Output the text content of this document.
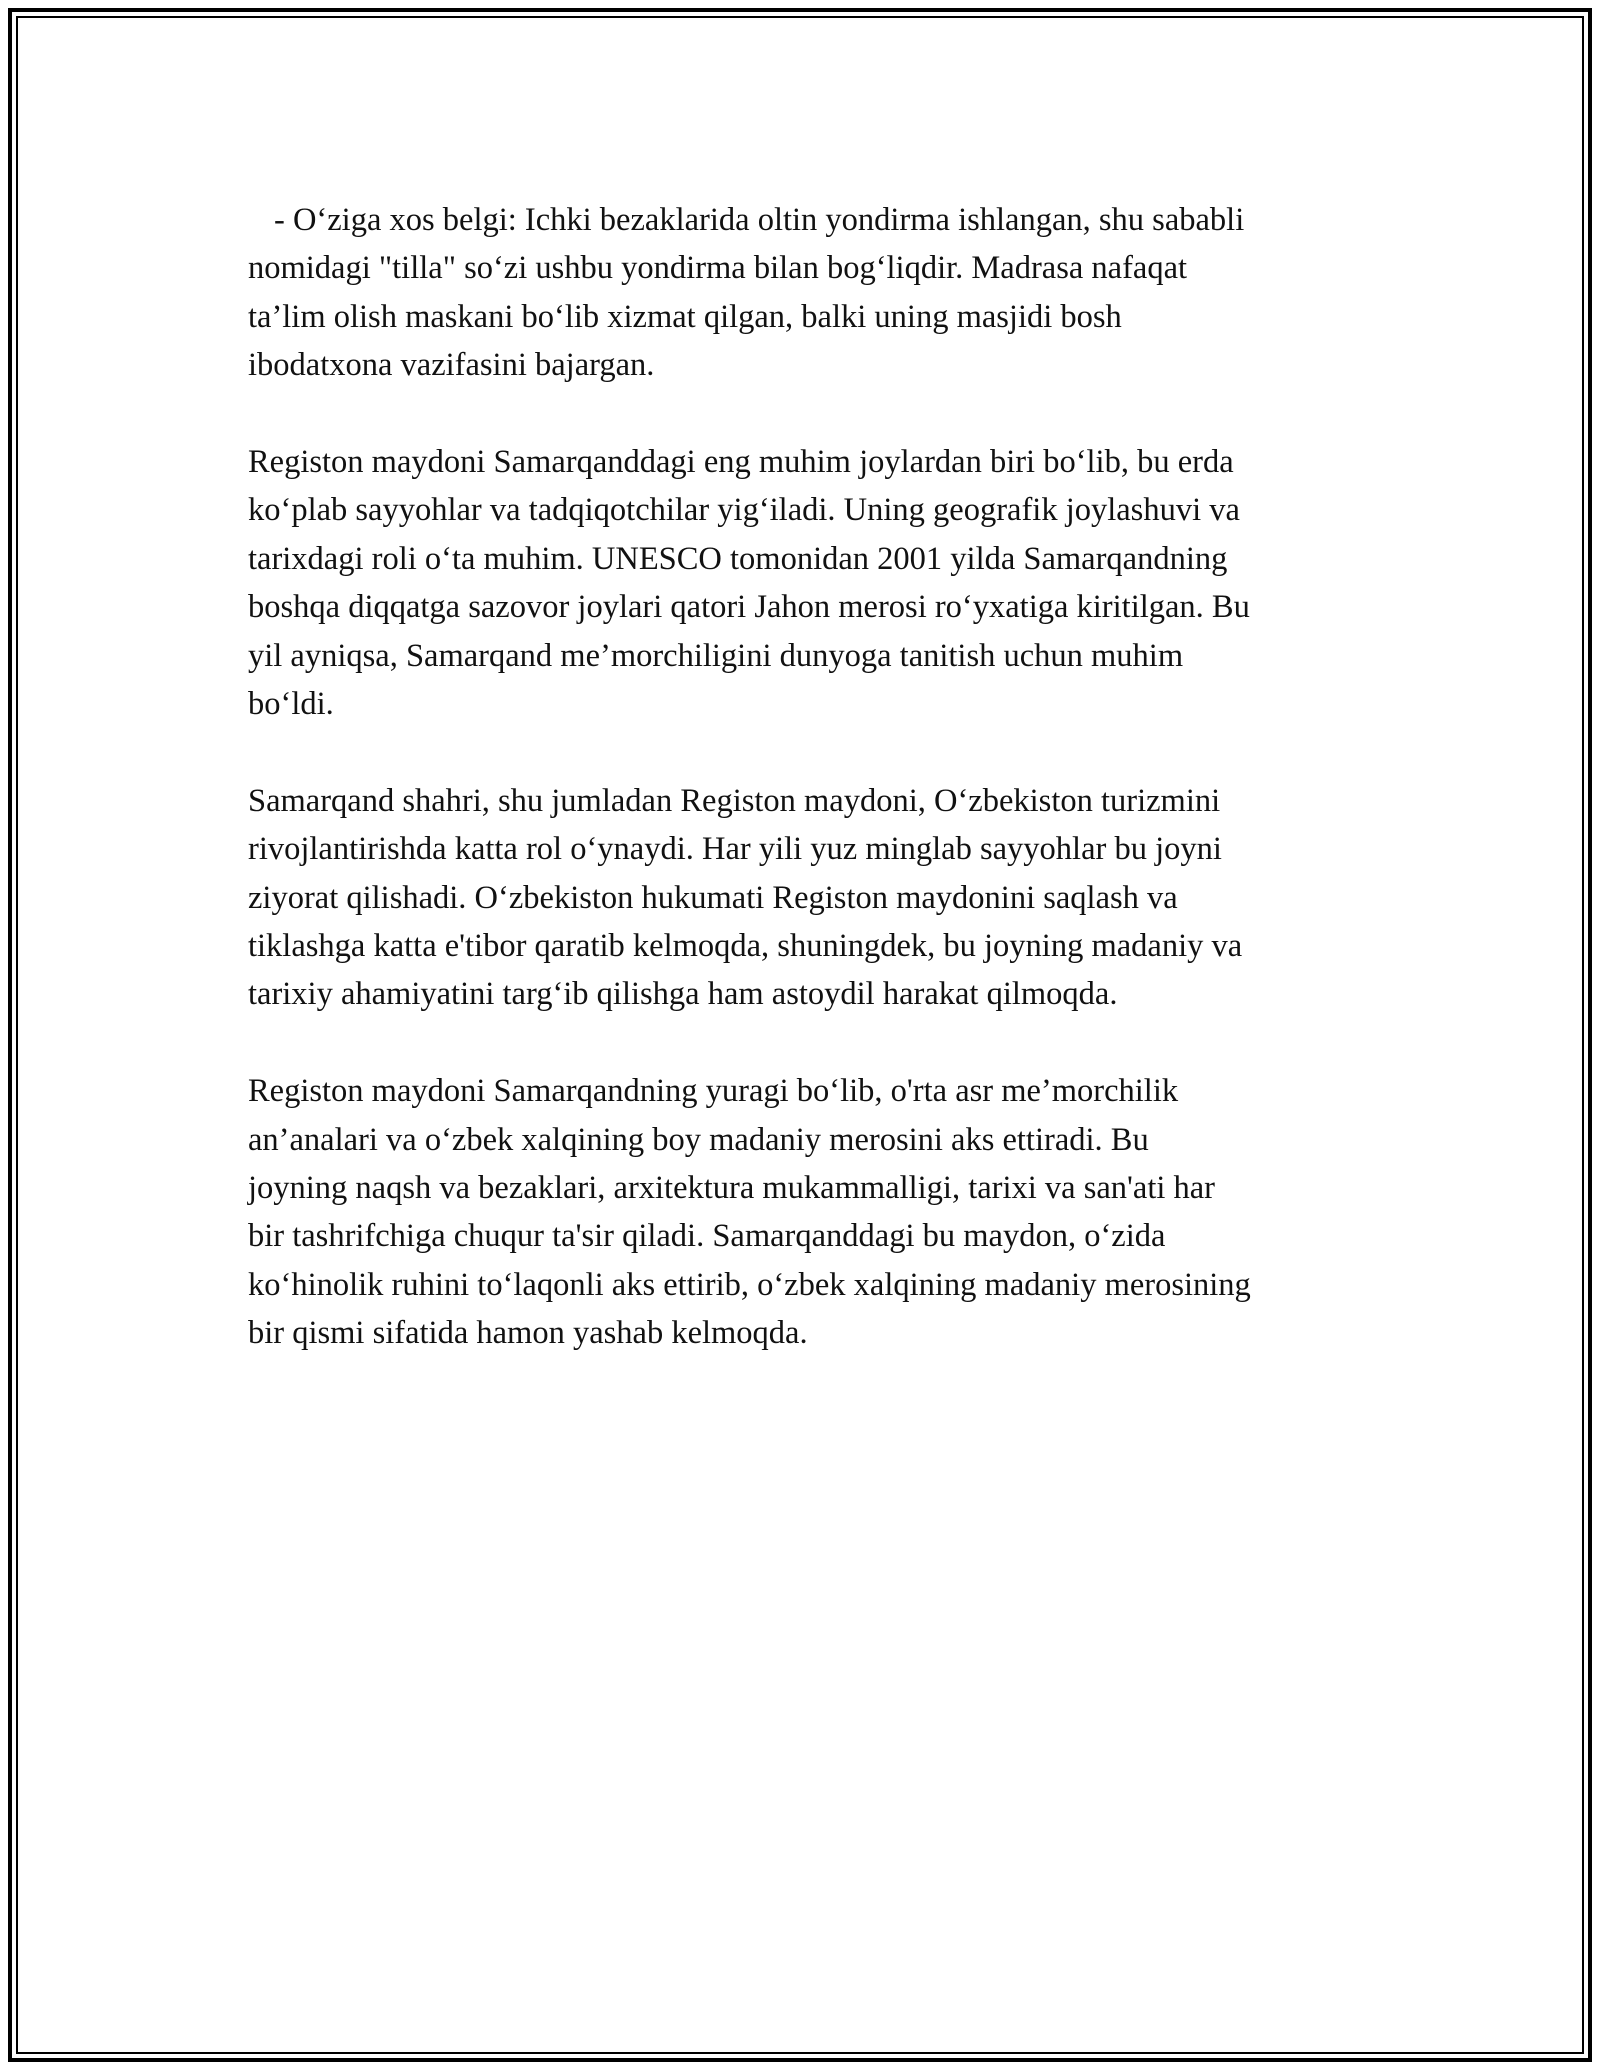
- O‘ziga xos belgi: Ichki bezaklarida oltin yondirma ishlangan, shu sababli
nomidagi "tilla" so‘zi ushbu yondirma bilan bog‘liqdir. Madrasa nafaqat
ta’lim olish maskani bo‘lib xizmat qilgan, balki uning masjidi bosh
ibodatxona vazifasini bajargan.

Registon maydoni Samarqanddagi eng muhim joylardan biri bo‘lib, bu erda
ko‘plab sayyohlar va tadqiqotchilar yig‘iladi. Uning geografik joylashuvi va
tarixdagi roli o‘ta muhim. UNESCO tomonidan 2001 yilda Samarqandning
boshqa diqqatga sazovor joylari qatori Jahon merosi ro‘yxatiga kiritilgan. Bu
yil ayniqsa, Samarqand me’morchiligini dunyoga tanitish uchun muhim
bo‘ldi.

Samarqand shahri, shu jumladan Registon maydoni, O‘zbekiston turizmini
rivojlantirishda katta rol o‘ynaydi. Har yili yuz minglab sayyohlar bu joyni
ziyorat qilishadi. O‘zbekiston hukumati Registon maydonini saqlash va
tiklashga katta e'tibor qaratib kelmoqda, shuningdek, bu joyning madaniy va
tarixiy ahamiyatini targ‘ib qilishga ham astoydil harakat qilmoqda.

Registon maydoni Samarqandning yuragi bo‘lib, o'rta asr me’morchilik
an’analari va o‘zbek xalqining boy madaniy merosini aks ettiradi. Bu
joyning naqsh va bezaklari, arxitektura mukammalligi, tarixi va san'ati har
bir tashrifchiga chuqur ta'sir qiladi. Samarqanddagi bu maydon, o‘zida
ko‘hinolik ruhini to‘laqonli aks ettirib, o‘zbek xalqining madaniy merosining
bir qismi sifatida hamon yashab kelmoqda.
